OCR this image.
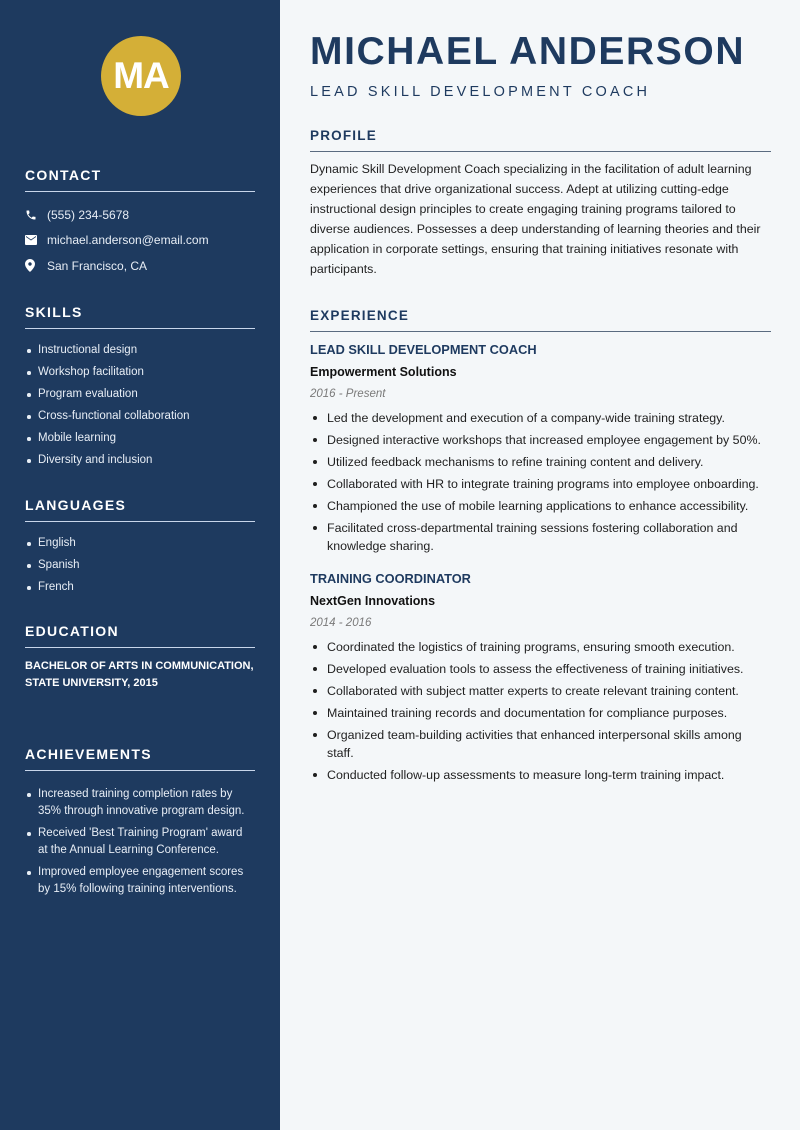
MA
CONTACT
(555) 234-5678
michael.anderson@email.com
San Francisco, CA
SKILLS
Instructional design
Workshop facilitation
Program evaluation
Cross-functional collaboration
Mobile learning
Diversity and inclusion
LANGUAGES
English
Spanish
French
EDUCATION
BACHELOR OF ARTS IN COMMUNICATION, STATE UNIVERSITY, 2015
ACHIEVEMENTS
Increased training completion rates by 35% through innovative program design.
Received 'Best Training Program' award at the Annual Learning Conference.
Improved employee engagement scores by 15% following training interventions.
MICHAEL ANDERSON
LEAD SKILL DEVELOPMENT COACH
PROFILE

Dynamic Skill Development Coach specializing in the facilitation of adult learning experiences that drive organizational success. Adept at utilizing cutting-edge instructional design principles to create engaging training programs tailored to diverse audiences. Possesses a deep understanding of learning theories and their application in corporate settings, ensuring that training initiatives resonate with participants.

EXPERIENCE
LEAD SKILL DEVELOPMENT COACH
Empowerment Solutions
2016 - Present
Led the development and execution of a company-wide training strategy.
Designed interactive workshops that increased employee engagement by 50%.
Utilized feedback mechanisms to refine training content and delivery.
Collaborated with HR to integrate training programs into employee onboarding.
Championed the use of mobile learning applications to enhance accessibility.
Facilitated cross-departmental training sessions fostering collaboration and knowledge sharing.
TRAINING COORDINATOR
NextGen Innovations
2014 - 2016
Coordinated the logistics of training programs, ensuring smooth execution.
Developed evaluation tools to assess the effectiveness of training initiatives.
Collaborated with subject matter experts to create relevant training content.
Maintained training records and documentation for compliance purposes.
Organized team-building activities that enhanced interpersonal skills among staff.
Conducted follow-up assessments to measure long-term training impact.
